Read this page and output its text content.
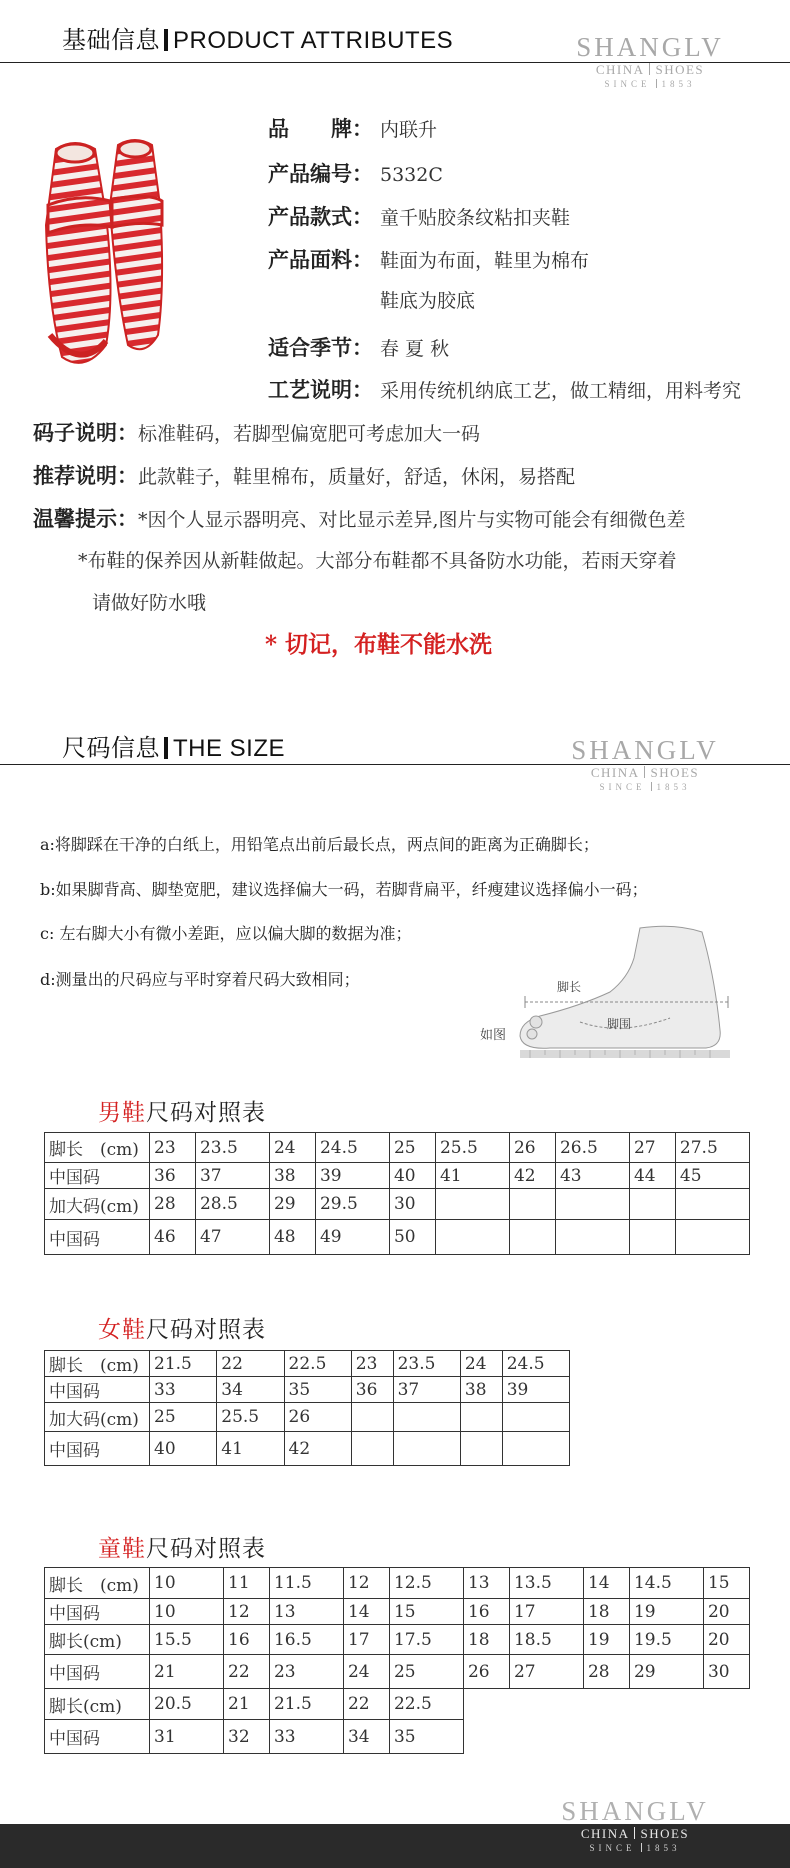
基础信息 PRODUCT ATTRIBUTES	SHANGLV
CHINA SHOES
SINCE 1853
品　　牌： 内联升
产品编号： 5332C
产品款式： 童千贴胶条纹粘扣夹鞋
产品面料： 鞋面为布面，鞋里为棉布
鞋底为胶底
适合季节： 春 夏 秋
工艺说明： 采用传统机纳底工艺，做工精细，用料考究
码子说明：标准鞋码，若脚型偏宽肥可考虑加大一码
推荐说明：此款鞋子，鞋里棉布，质量好，舒适，休闲，易搭配
温馨提示：*因个人显示器明亮、对比显示差异,图片与实物可能会有细微色差
*布鞋的保养因从新鞋做起。大部分布鞋都不具备防水功能，若雨天穿着
请做好防水哦
* 切记，布鞋不能水洗
尺码信息 THE SIZE	SHANGLV
CHINA SHOES
SINCE 1853
a:将脚踩在干净的白纸上，用铅笔点出前后最长点，两点间的距离为正确脚长；
b:如果脚背高、脚垫宽肥，建议选择偏大一码，若脚背扁平，纤瘦建议选择偏小一码；
c: 左右脚大小有微小差距，应以偏大脚的数据为准；
d:测量出的尺码应与平时穿着尺码大致相同；	脚长
脚围
如图
男鞋尺码对照表
脚长　(cm)	23	23.5	24	24.5	25	25.5	26	26.5	27	27.5
中国码	36	37	38	39	40	41	42	43	44	45
加大码(cm)	28	28.5	29	29.5	30					
中国码	46	47	48	49	50					
女鞋尺码对照表
脚长　(cm)	21.5	22	22.5	23	23.5	24	24.5
中国码	33	34	35	36	37	38	39
加大码(cm)	25	25.5	26				
中国码	40	41	42				
童鞋尺码对照表
脚长　(cm)	10	11	11.5	12	12.5	13	13.5	14	14.5	15
中国码	10	12	13	14	15	16	17	18	19	20
脚长(cm)	15.5	16	16.5	17	17.5	18	18.5	19	19.5	20
中国码	21	22	23	24	25	26	27	28	29	30
脚长(cm)	20.5	21	21.5	22	22.5					
中国码	31	32	33	34	35					
SHANGLV
CHINA SHOES
SINCE 1853
